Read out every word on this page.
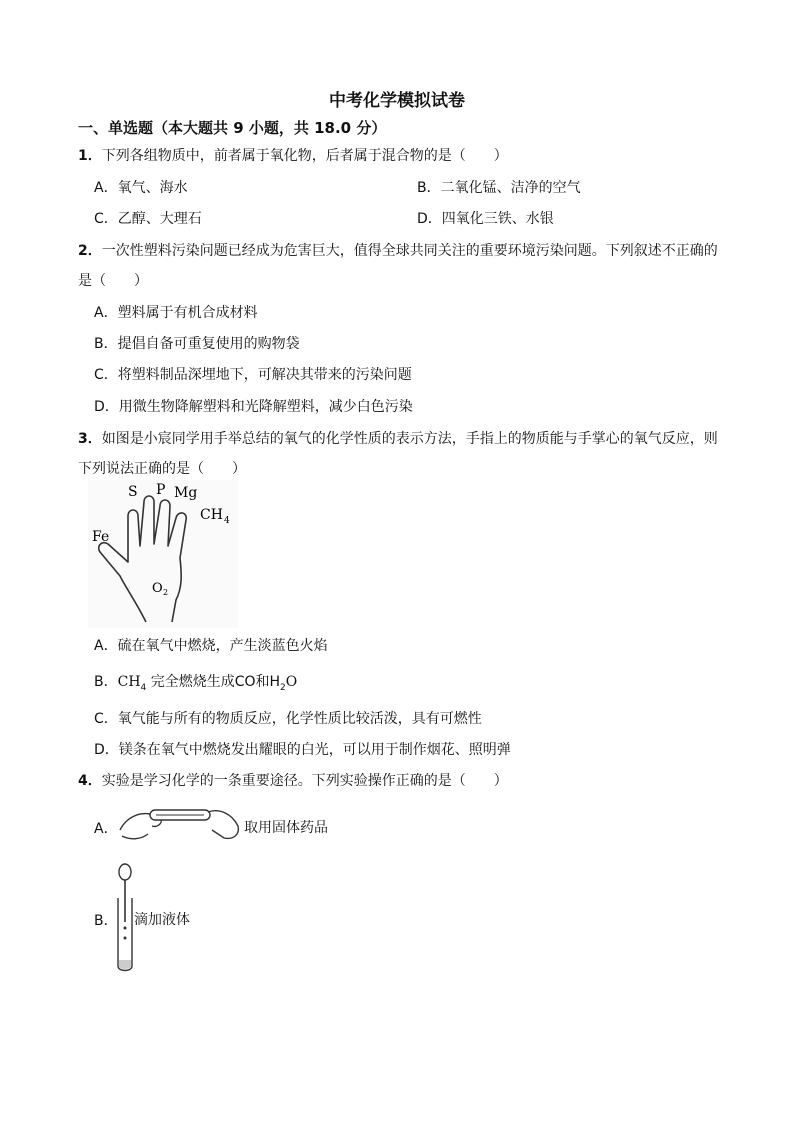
中考化学模拟试卷
一、单选题（本大题共 9 小题，共 18.0 分）
1．下列各组物质中，前者属于氧化物，后者属于混合物的是（　　）
A．氧气、海水	B．二氧化锰、洁净的空气
C．乙醇、大理石	D．四氧化三铁、水银
2．一次性塑料污染问题已经成为危害巨大，值得全球共同关注的重要环境污染问题。下列叙述不正确的
是（　　）
A．塑料属于有机合成材料
B．提倡自备可重复使用的购物袋
C．将塑料制品深埋地下，可解决其带来的污染问题
D．用微生物降解塑料和光降解塑料，减少白色污染
3．如图是小宸同学用手举总结的氧气的化学性质的表示方法，手指上的物质能与手掌心的氧气反应，则
下列说法正确的是（　　）
S P Mg
CH 4
Fe
O 2
A．硫在氧气中燃烧，产生淡蓝色火焰
B．$CH_4$ 完全燃烧生成CO和$H_2O$
C．氧气能与所有的物质反应，化学性质比较活泼，具有可燃性
D．镁条在氧气中燃烧发出耀眼的白光，可以用于制作烟花、照明弹
4．实验是学习化学的一条重要途径。下列实验操作正确的是（　　）
A．	取用固体药品
B． 滴加液体
